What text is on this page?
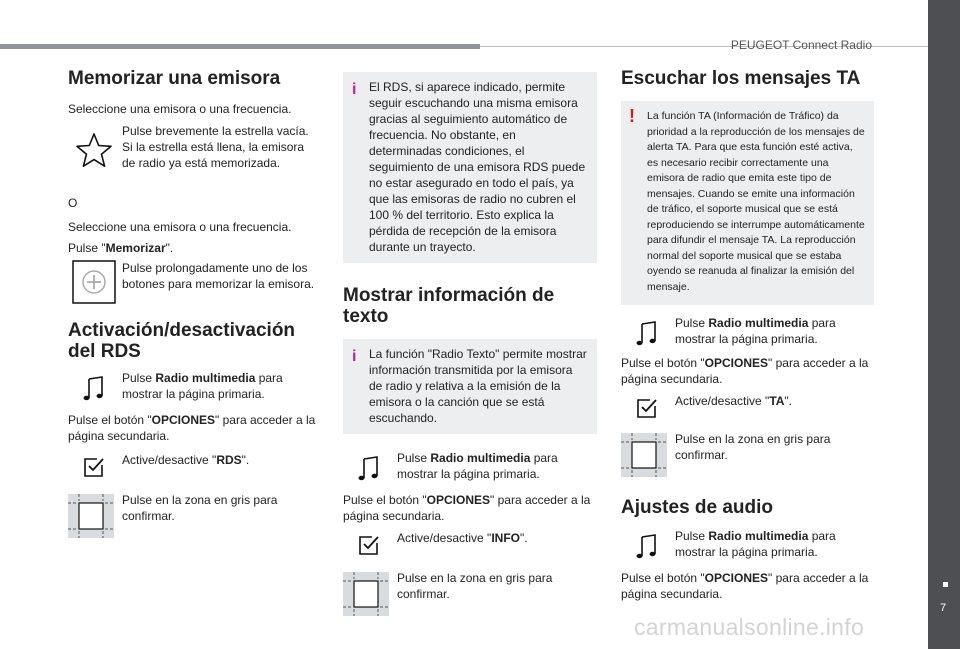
PEUGEOT Connect Radio
7
carmanualsonline.info
Memorizar una emisora

Seleccione una emisora o una frecuencia.

Pulse brevemente la estrella vacía. Si la estrella está llena, la emisora de radio ya está memorizada.

O

Seleccione una emisora o una frecuencia.

Pulse "Memorizar".

Pulse prolongadamente uno de los botones para memorizar la emisora.
Activación/desactivación del RDS
Pulse Radio multimedia para mostrar la página primaria.

Pulse el botón "OPCIONES" para acceder a la página secundaria.

Active/desactive "RDS".
Pulse en la zona en gris para confirmar.
i El RDS, si aparece indicado, permite seguir escuchando una misma emisora gracias al seguimiento automático de frecuencia. No obstante, en determinadas condiciones, el seguimiento de una emisora RDS puede no estar asegurado en todo el país, ya que las emisoras de radio no cubren el 100 % del territorio. Esto explica la pérdida de recepción de la emisora durante un trayecto.

Mostrar información de texto
i La función "Radio Texto" permite mostrar información transmitida por la emisora de radio y relativa a la emisión de la emisora o la canción que se está escuchando.

Pulse Radio multimedia para mostrar la página primaria.

Pulse el botón "OPCIONES" para acceder a la página secundaria.

Active/desactive "INFO".
Pulse en la zona en gris para confirmar.
Escuchar los mensajes TA
! La función TA (Información de Tráfico) da prioridad a la reproducción de los mensajes de alerta TA. Para que esta función esté activa, es necesario recibir correctamente una emisora de radio que emita este tipo de mensajes. Cuando se emite una información de tráfico, el soporte musical que se está reproduciendo se interrumpe automáticamente para difundir el mensaje TA. La reproducción normal del soporte musical que se estaba oyendo se reanuda al finalizar la emisión del mensaje.

Pulse Radio multimedia para mostrar la página primaria.

Pulse el botón "OPCIONES" para acceder a la página secundaria.

Active/desactive "TA".
Pulse en la zona en gris para confirmar.
Ajustes de audio
Pulse Radio multimedia para mostrar la página primaria.

Pulse el botón "OPCIONES" para acceder a la página secundaria.
